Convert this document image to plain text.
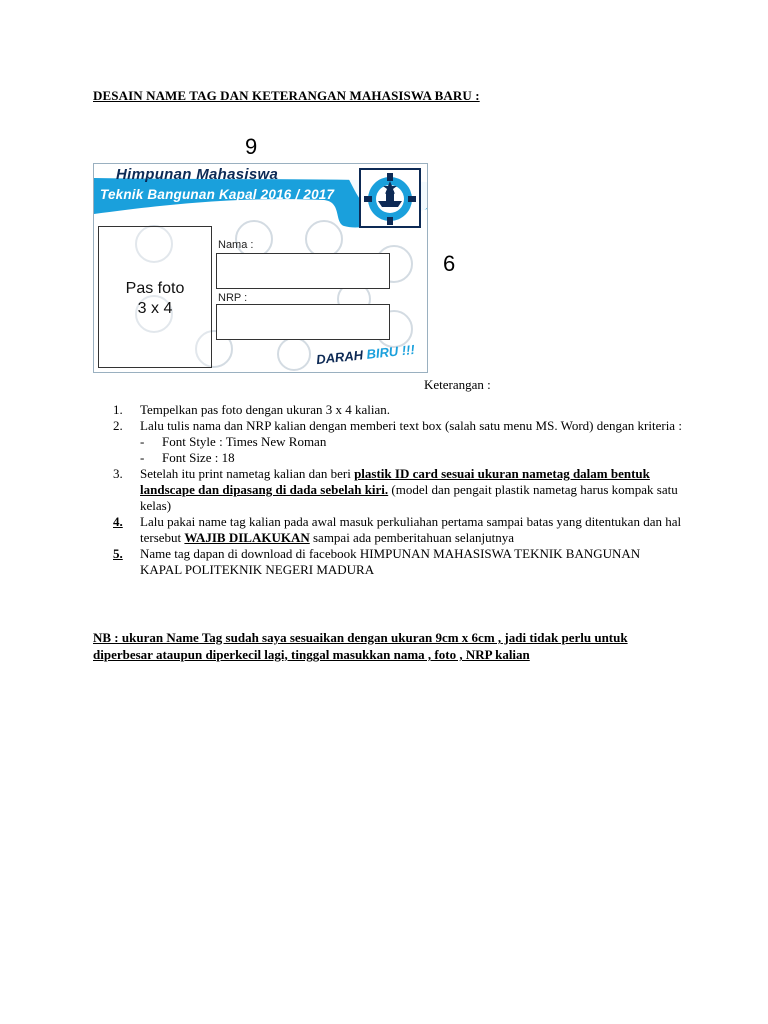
DESAIN NAME TAG DAN KETERANGAN MAHASISWA BARU :
9
6
Himpunan Mahasiswa
Teknik Bangunan Kapal 2016 / 2017
Pas foto
3 x 4
Nama :
NRP :
DARAH BIRU !!!
Keterangan :
1. Tempelkan pas foto dengan ukuran 3 x 4 kalian.
2. Lalu tulis nama dan NRP kalian dengan memberi text box (salah satu menu MS. Word) dengan kriteria :
- Font Style : Times New Roman
- Font Size : 18
3. Setelah itu print nametag kalian dan beri plastik ID card sesuai ukuran nametag dalam bentuk landscape dan dipasang di dada sebelah kiri. (model dan pengait plastik nametag harus kompak satu kelas)
4. Lalu pakai name tag kalian pada awal masuk perkuliahan pertama sampai batas yang ditentukan dan hal tersebut WAJIB DILAKUKAN sampai ada pemberitahuan selanjutnya
5. Name tag dapan di download di facebook HIMPUNAN MAHASISWA TEKNIK BANGUNAN KAPAL POLITEKNIK NEGERI MADURA
NB : ukuran Name Tag sudah saya sesuaikan dengan ukuran 9cm x 6cm , jadi tidak perlu untuk diperbesar ataupun diperkecil lagi, tinggal masukkan nama , foto , NRP kalian
